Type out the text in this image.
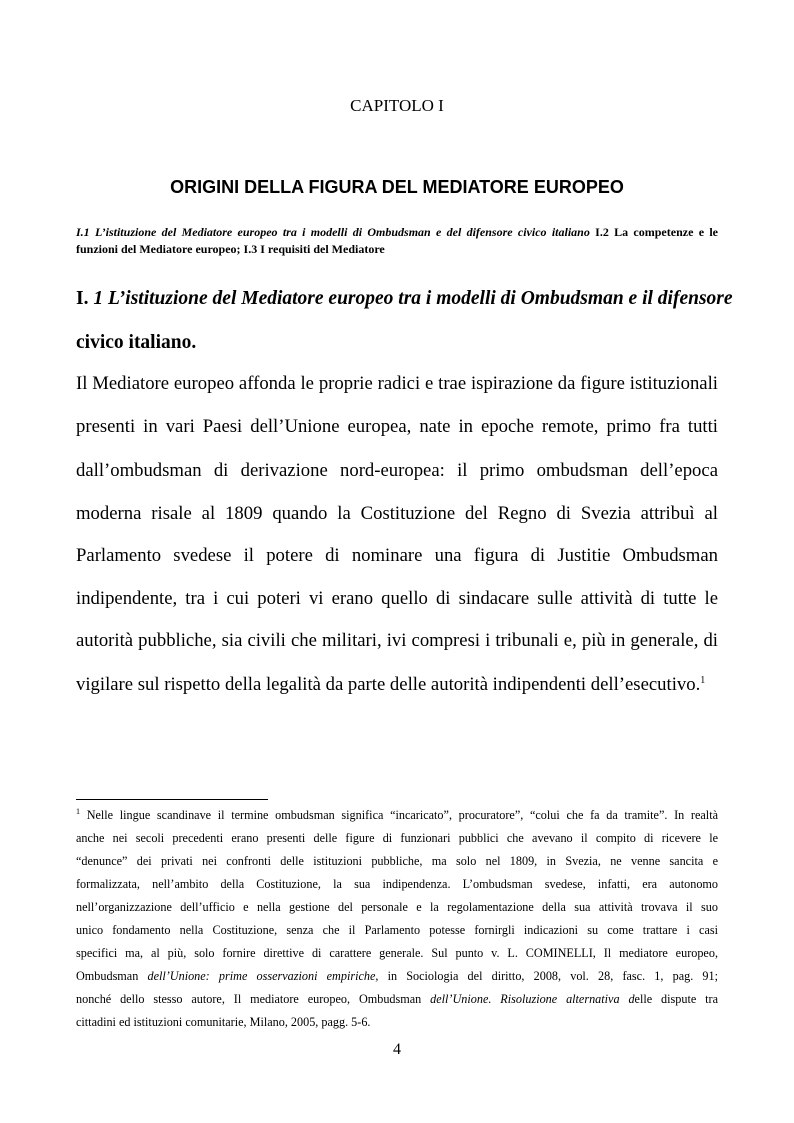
CAPITOLO I
ORIGINI DELLA FIGURA DEL MEDIATORE EUROPEO
I.1 L’istituzione del Mediatore europeo tra i modelli di Ombudsman e del difensore civico italiano I.2 La competenze e le funzioni del Mediatore europeo; I.3 I requisiti del Mediatore
I. 1 L’istituzione del Mediatore europeo tra i modelli di Ombudsman e il difensore
civico italiano.
Il Mediatore europeo affonda le proprie radici e trae ispirazione da figure istituzionali
presenti in vari Paesi dell’Unione europea, nate in epoche remote, primo fra tutti
dall’ombudsman di derivazione nord-europea: il primo ombudsman dell’epoca
moderna risale al 1809 quando la Costituzione del Regno di Svezia attribuì al
Parlamento svedese il potere di nominare una figura di Justitie Ombudsman
indipendente, tra i cui poteri vi erano quello di sindacare sulle attività di tutte le
autorità pubbliche, sia civili che militari, ivi compresi i tribunali e, più in generale, di
vigilare sul rispetto della legalità da parte delle autorità indipendenti dell’esecutivo.$^1$
$^1$ Nelle lingue scandinave il termine ombudsman significa “incaricato”, procuratore”, “colui che fa da tramite”. In realtà
anche nei secoli precedenti erano presenti delle figure di funzionari pubblici che avevano il compito di ricevere le
“denunce” dei privati nei confronti delle istituzioni pubbliche, ma solo nel 1809, in Svezia, ne venne sancita e
formalizzata, nell’ambito della Costituzione, la sua indipendenza. L’ombudsman svedese, infatti, era autonomo
nell’organizzazione dell’ufficio e nella gestione del personale e la regolamentazione della sua attività trovava il suo
unico fondamento nella Costituzione, senza che il Parlamento potesse fornirgli indicazioni su come trattare i casi
specifici ma, al più, solo fornire direttive di carattere generale. Sul punto v. L. COMINELLI, Il mediatore europeo,
Ombudsman dell’Unione: prime osservazioni empiriche, in Sociologia del diritto, 2008, vol. 28, fasc. 1, pag. 91;
nonché dello stesso autore, Il mediatore europeo, Ombudsman dell’Unione. Risoluzione alternativa delle dispute tra
cittadini ed istituzioni comunitarie, Milano, 2005, pagg. 5-6.
4
